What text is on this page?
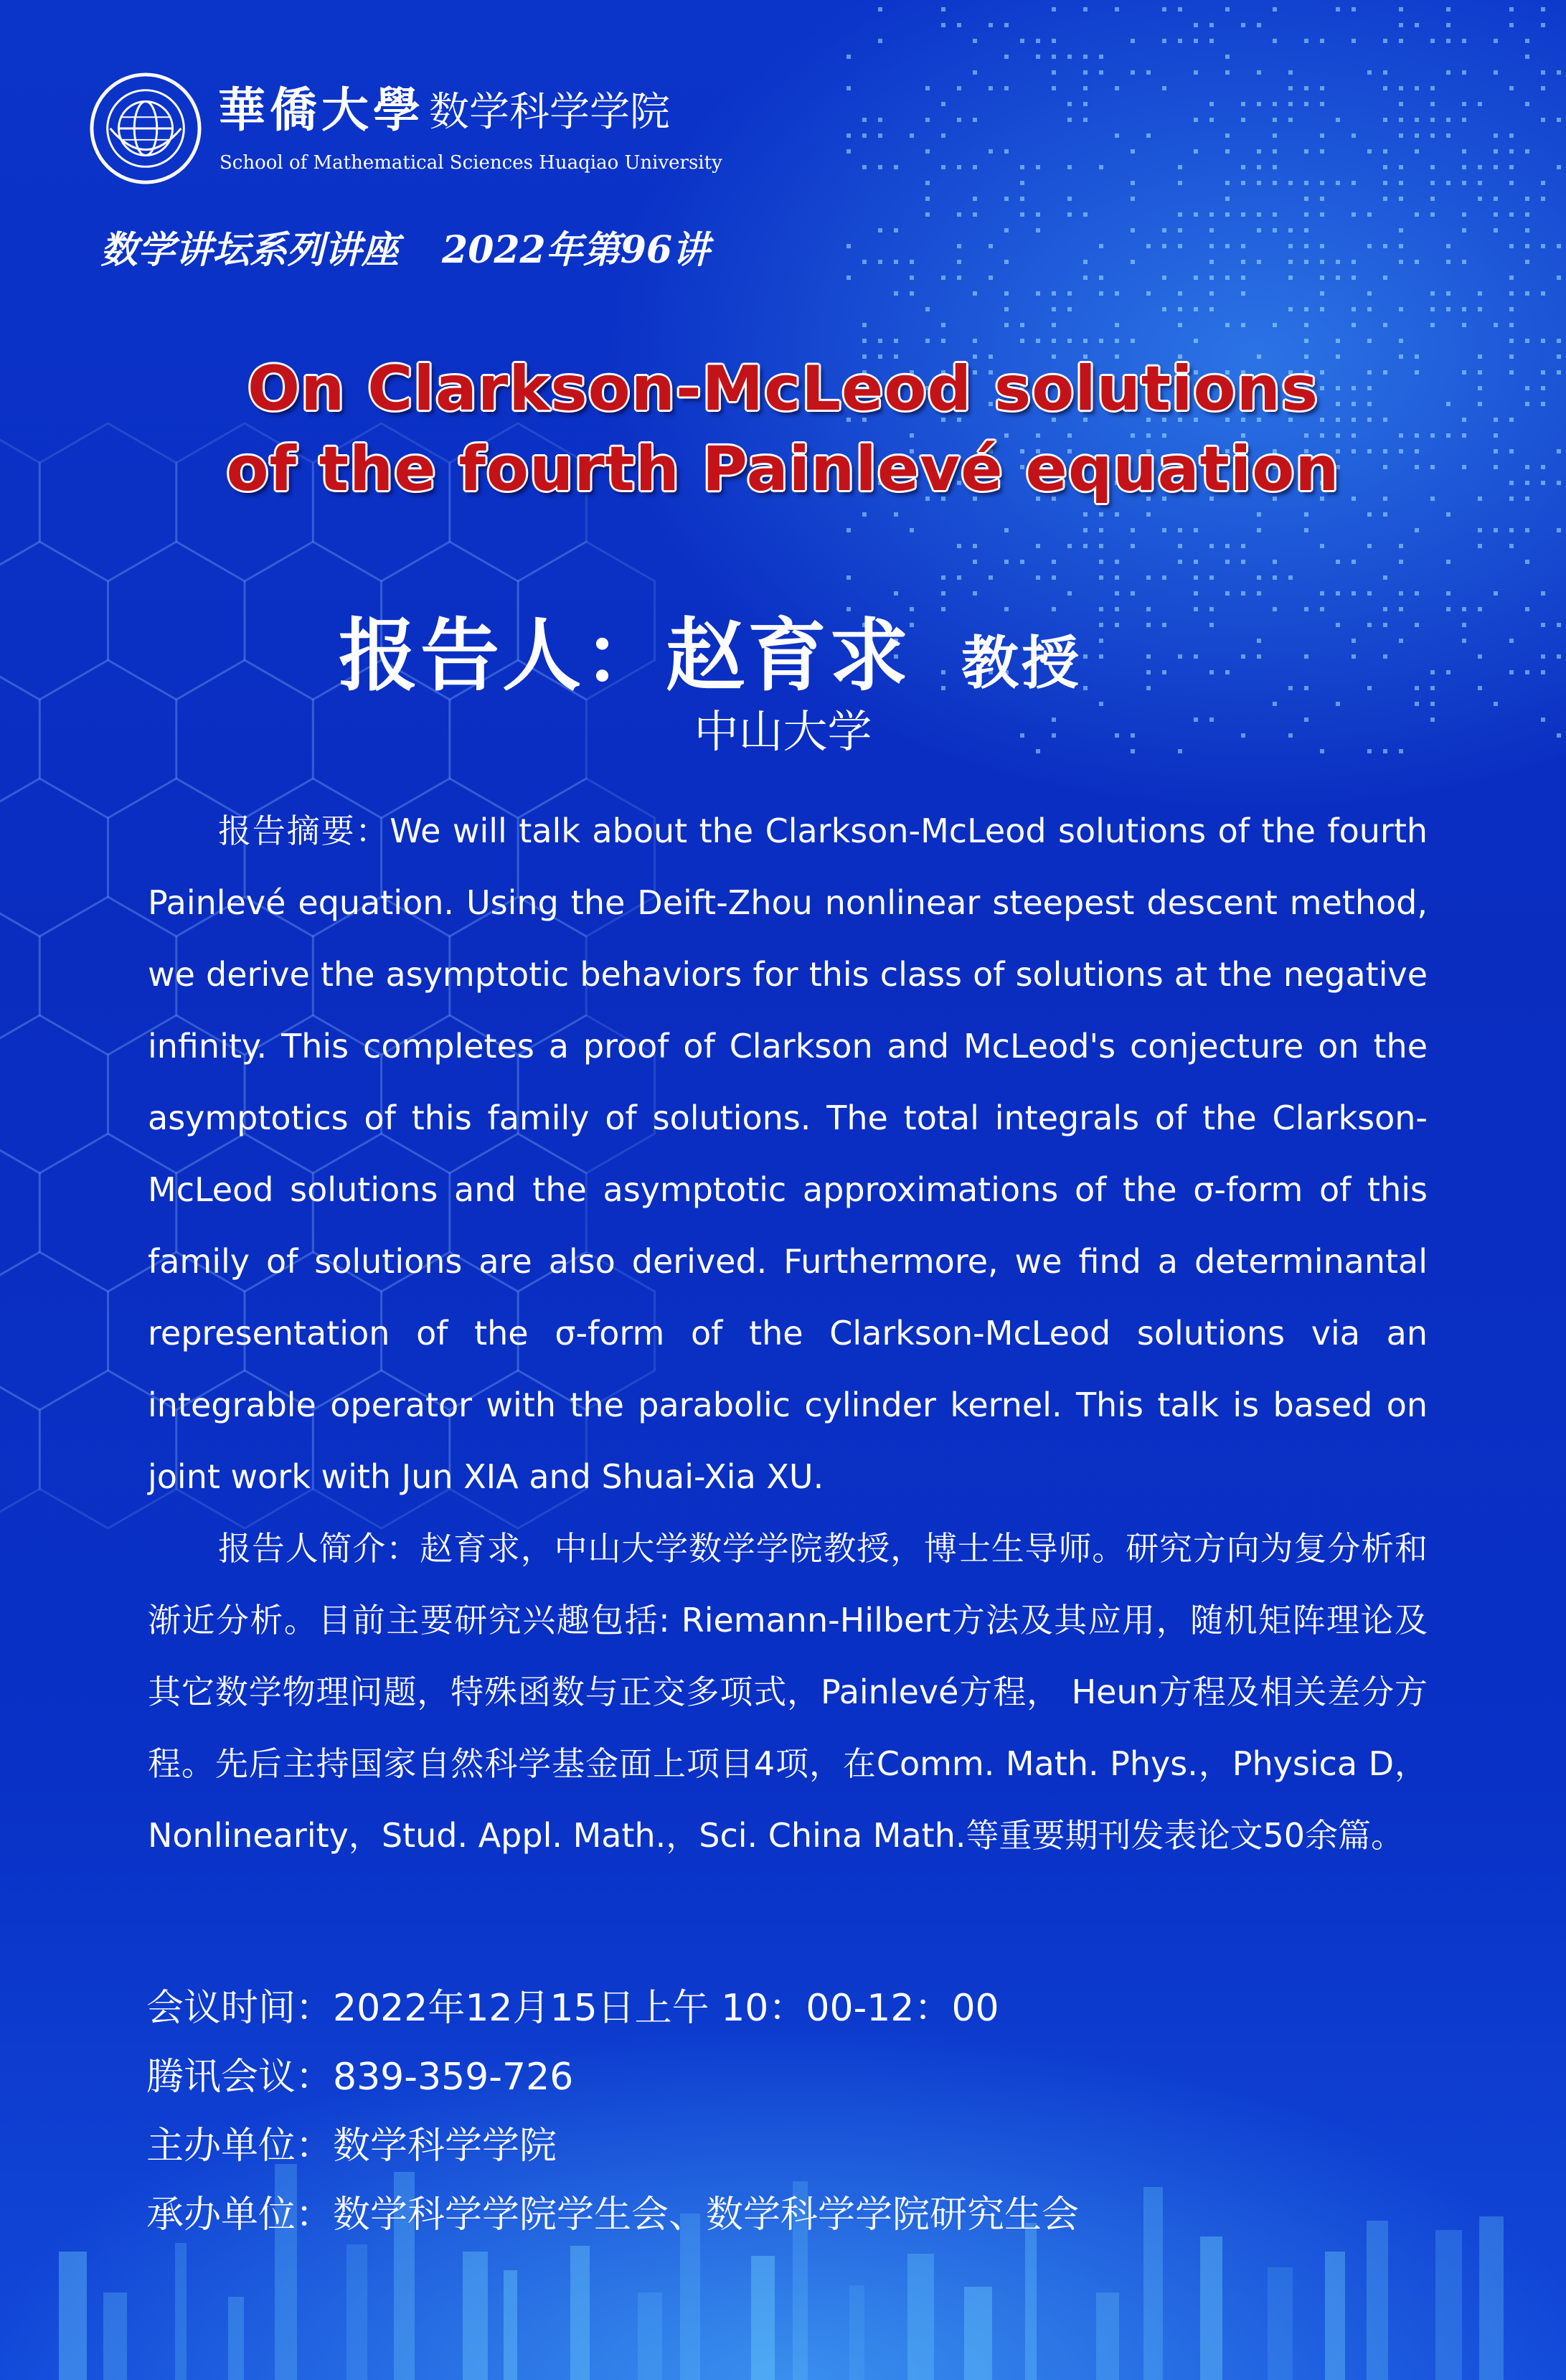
華僑大學 数学科学学院

School of Mathematical Sciences Huaqiao University

数学讲坛系列讲座 2022年第96讲

On Clarkson-McLeod solutions
of the fourth Painlevé equation

报告人：赵育求 教授

中山大学

报告摘要：We will talk about the Clarkson-McLeod solutions of the fourth Painlevé equation. Using the Deift-Zhou nonlinear steepest descent method, we derive the asymptotic behaviors for this class of solutions at the negative infinity. This completes a proof of Clarkson and McLeod's conjecture on the asymptotics of this family of solutions. The total integrals of the Clarkson-McLeod solutions and the asymptotic approximations of the σ-form of this family of solutions are also derived. Furthermore, we find a determinantal representation of the σ-form of the Clarkson-McLeod solutions via an integrable operator with the parabolic cylinder kernel. This talk is based on joint work with Jun XIA and Shuai-Xia XU.

报告人简介：赵育求，中山大学数学学院教授，博士生导师。研究方向为复分析和渐近分析。目前主要研究兴趣包括: Riemann-Hilbert方法及其应用，随机矩阵理论及其它数学物理问题，特殊函数与正交多项式，Painlevé方程， Heun方程及相关差分方程。先后主持国家自然科学基金面上项目4项，在Comm. Math. Phys.，Physica D，Nonlinearity，Stud. Appl. Math.，Sci. China Math.等重要期刊发表论文50余篇。

会议时间：2022年12月15日上午 10：00-12：00

腾讯会议：839-359-726

主办单位：数学科学学院

承办单位：数学科学学院学生会、数学科学学院研究生会
